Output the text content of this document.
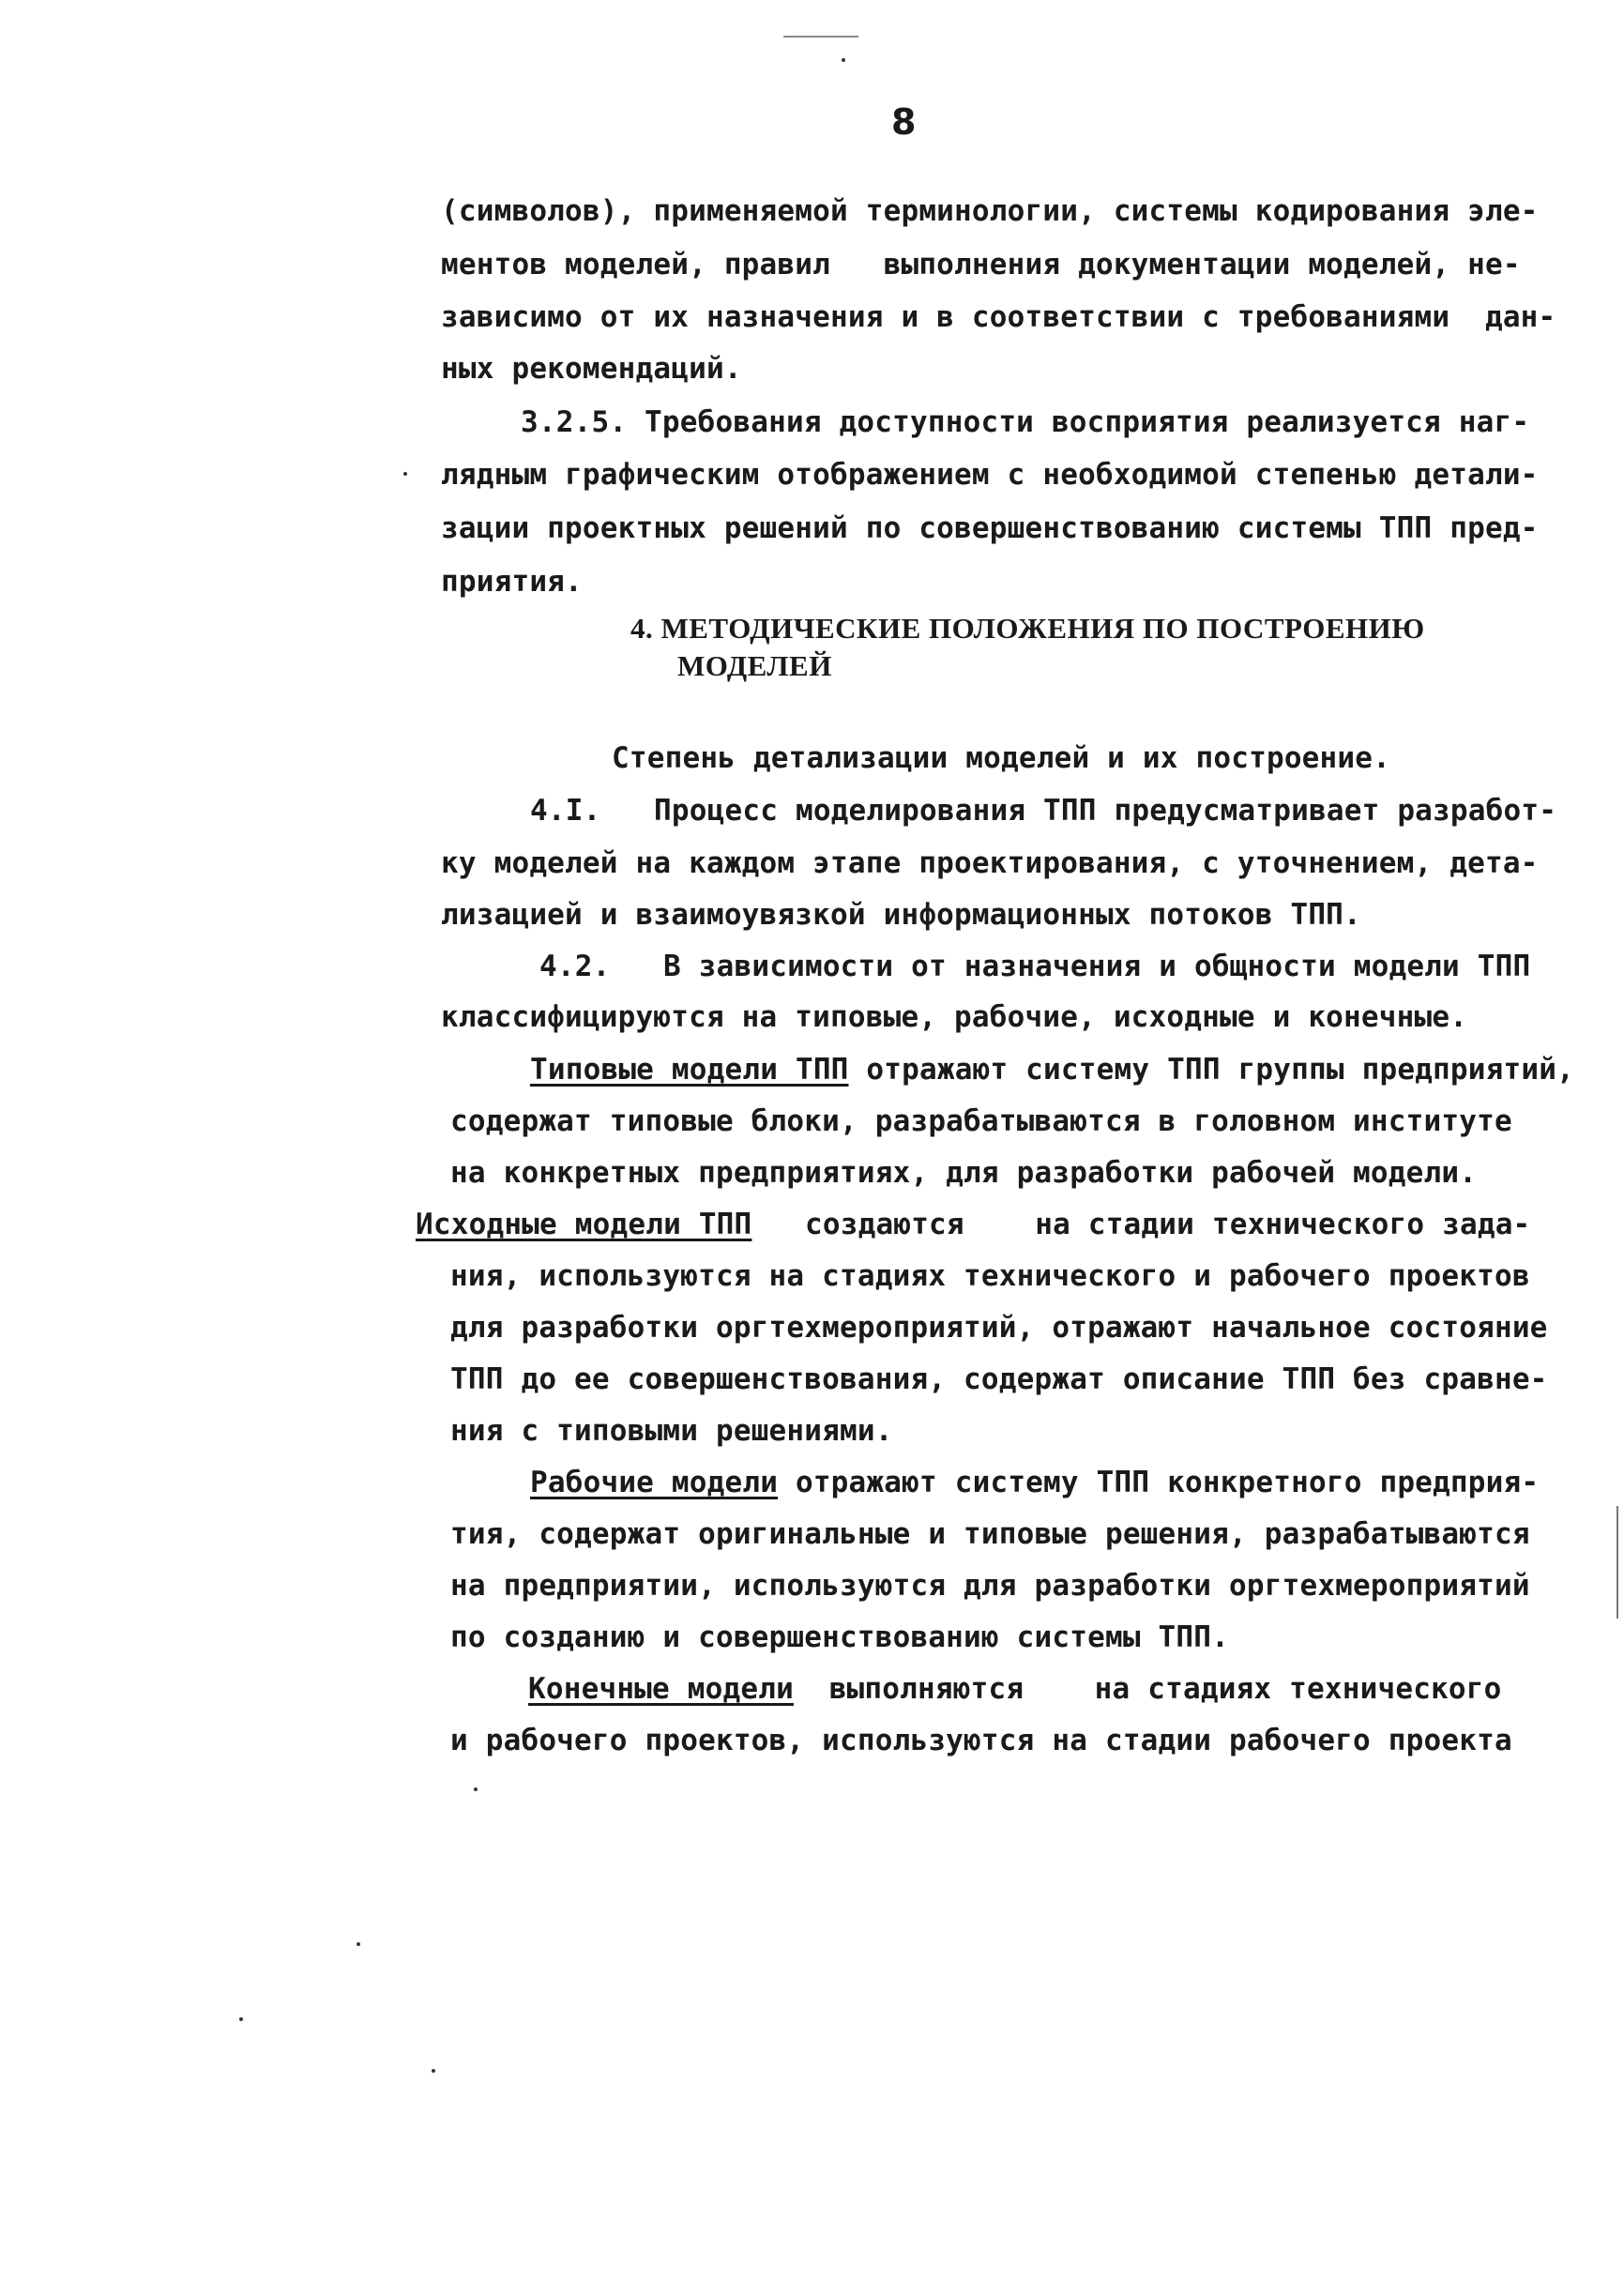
8
(символов), применяемой терминологии, системы кодирования эле-
ментов моделей, правил   выполнения документации моделей, не-
зависимо от их назначения и в соответствии с требованиями  дан-
ных рекомендаций.
3.2.5. Требования доступности восприятия реализуется наг-
лядным графическим отображением с необходимой степенью детали-
зации проектных решений по совершенствованию системы ТПП пред-
приятия.
4. МЕТОДИЧЕСКИЕ ПОЛОЖЕНИЯ ПО ПОСТРОЕНИЮ
МОДЕЛЕЙ
Степень детализации моделей и их построение.
4.I.   Процесс моделирования ТПП предусматривает разработ-
ку моделей на каждом этапе проектирования, с уточнением, дета-
лизацией и взаимоувязкой информационных потоков ТПП.
4.2.   В зависимости от назначения и общности модели ТПП
классифицируются на типовые, рабочие, исходные и конечные.
Типовые модели ТПП отражают систему ТПП группы предприятий,
содержат типовые блоки, разрабатываются в головном институте
на конкретных предприятиях, для разработки рабочей модели.
Исходные модели ТПП   создаются    на стадии технического зада-
ния, используются на стадиях технического и рабочего проектов
для разработки оргтехмероприятий, отражают начальное состояние
ТПП до ее совершенствования, содержат описание ТПП без сравне-
ния с типовыми решениями.
Рабочие модели отражают систему ТПП конкретного предприя-
тия, содержат оригинальные и типовые решения, разрабатываются
на предприятии, используются для разработки оргтехмероприятий
по созданию и совершенствованию системы ТПП.
Конечные модели  выполняются    на стадиях технического
и рабочего проектов, используются на стадии рабочего проекта
